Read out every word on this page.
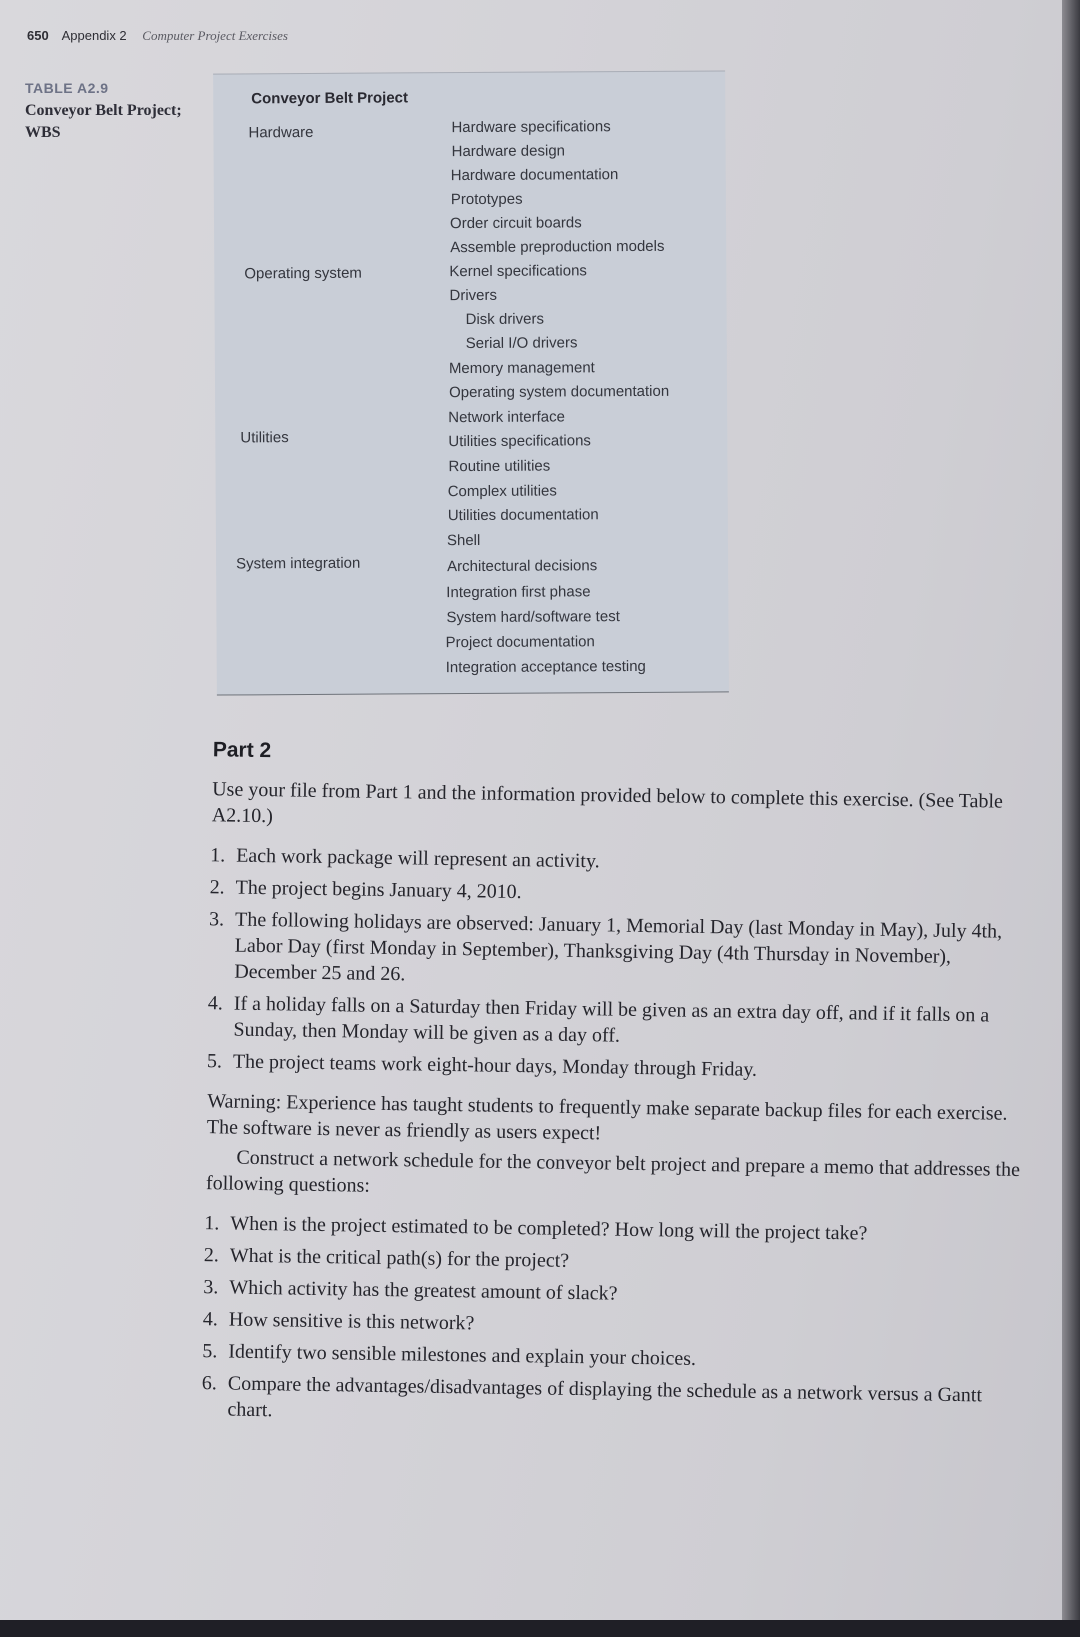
650 Appendix 2 Computer Project Exercises
TABLE A2.9
Conveyor Belt Project; WBS
Conveyor Belt Project
Hardware	Hardware specifications
Hardware design
Hardware documentation
Prototypes
Order circuit boards
Assemble preproduction models
Operating system	Kernel specifications
Drivers
Disk drivers
Serial I/O drivers
Memory management
Operating system documentation
Network interface
Utilities	Utilities specifications
Routine utilities
Complex utilities
Utilities documentation
Shell
System integration	Architectural decisions
Integration first phase
System hard/software test
Project documentation
Integration acceptance testing
Part 2
Use your file from Part 1 and the information provided below to complete this exercise. (See Table A2.10.)
1. Each work package will represent an activity.
2. The project begins January 4, 2010.
3. The following holidays are observed: January 1, Memorial Day (last Monday in May), July 4th, Labor Day (first Monday in September), Thanksgiving Day (4th Thursday in November), December 25 and 26.
4. If a holiday falls on a Saturday then Friday will be given as an extra day off, and if it falls on a Sunday, then Monday will be given as a day off.
5. The project teams work eight-hour days, Monday through Friday.
Warning: Experience has taught students to frequently make separate backup files for each exercise. The software is never as friendly as users expect!
Construct a network schedule for the conveyor belt project and prepare a memo that addresses the following questions:
1. When is the project estimated to be completed? How long will the project take?
2. What is the critical path(s) for the project?
3. Which activity has the greatest amount of slack?
4. How sensitive is this network?
5. Identify two sensible milestones and explain your choices.
6. Compare the advantages/disadvantages of displaying the schedule as a network versus a Gantt chart.
